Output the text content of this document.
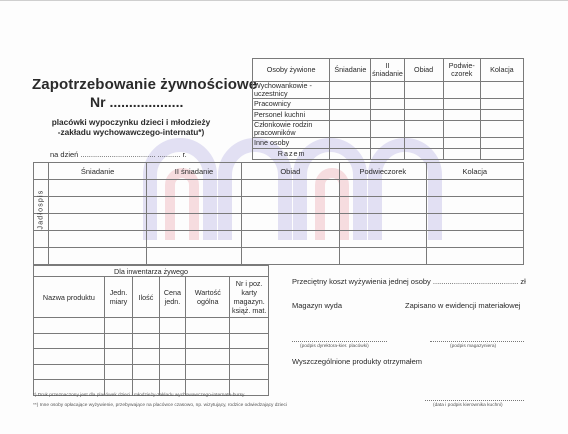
Zapotrzebowanie żywnościowe
Nr ...................
placówki wypoczynku dzieci i młodzieży
-zakładu wychowawczego-internatu*)
na dzień .................................... ........... r.
Osoby żywione	Śniadanie	II śniadanie	Obiad	Podwie-czorek	Kolacja
Wychowankowie - uczestnicy					
Pracownicy					
Personel kuchni					
Członkowie rodzin pracowników					
Inne osoby					
Razem					
	Śniadanie	II śniadanie	Obiad	Podwieczorek	Kolacja

Jadłospis
Dla inwentarza żywego					
Nazwa produktu	Jedn. miary	Ilość	Cena jedn.	Wartość ogólna	Nr i poz. karty magazyn. książ. mat.

Przeciętny koszt wyżywienia jednej osoby ......................................... zł
Magazyn wyda	Zapisano w ewidencji materiałowej
(podpis dyrektora-kier. placówki)	(podpis magazyniera)
Wyszczególnione produkty otrzymałem
(data i podpis kierownika kuchni)
*) Druk przeznaczony jest dla placówek dzieci i młodzieży-zakładu wychowawczego-internatu-bursy.
**) Inne osoby opłacające wyżywienie, przebywające na placówce czasowo, np. wizytujący, rodzice odwiedzający dzieci
